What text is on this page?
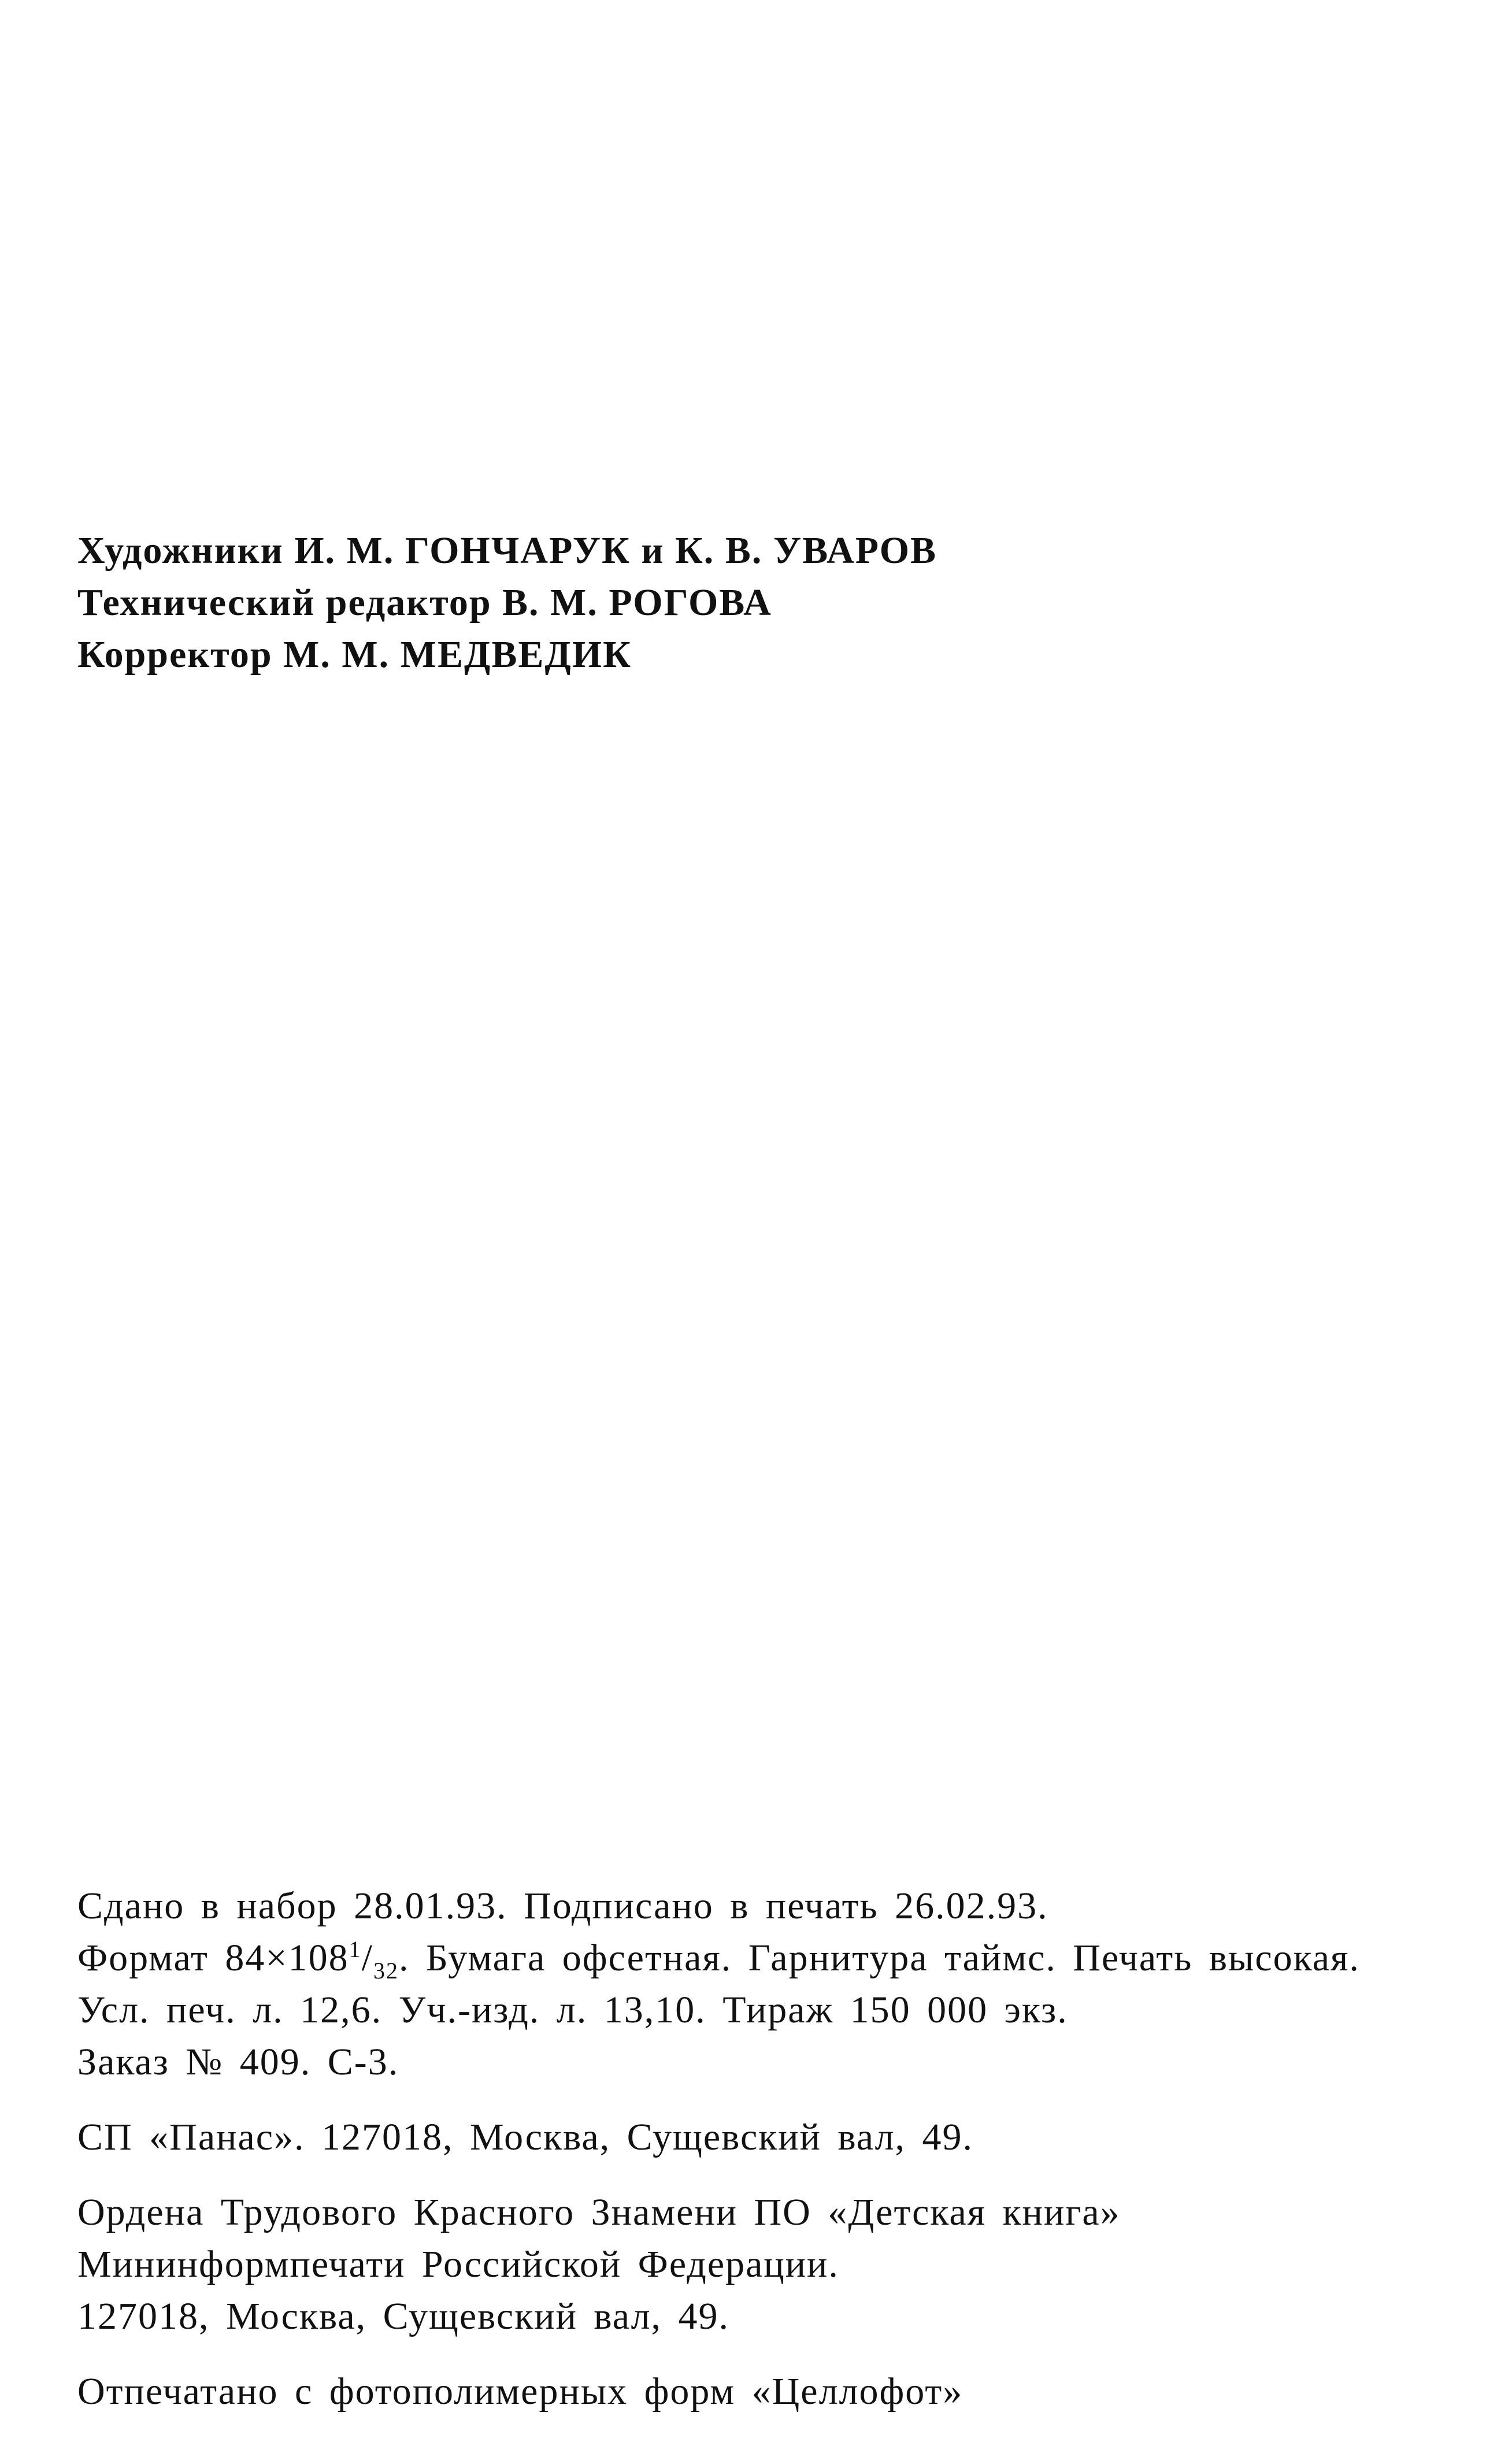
Художники И. М. ГОНЧАРУК и К. В. УВАРОВ
Технический редактор В. М. РОГОВА
Корректор М. М. МЕДВЕДИК
Сдано в набор 28.01.93. Подписано в печать 26.02.93.
Формат $84\times 108^1/_{32}$. Бумага офсетная. Гарнитура таймс. Печать высокая.
Усл. печ. л. 12,6. Уч.-изд. л. 13,10. Тираж 150 000 экз.
Заказ № 409. С-3.
СП «Панас». 127018, Москва, Сущевский вал, 49.
Ордена Трудового Красного Знамени ПО «Детская книга»
Мининформпечати Российской Федерации.
127018, Москва, Сущевский вал, 49.
Отпечатано с фотополимерных форм «Целлофот»
